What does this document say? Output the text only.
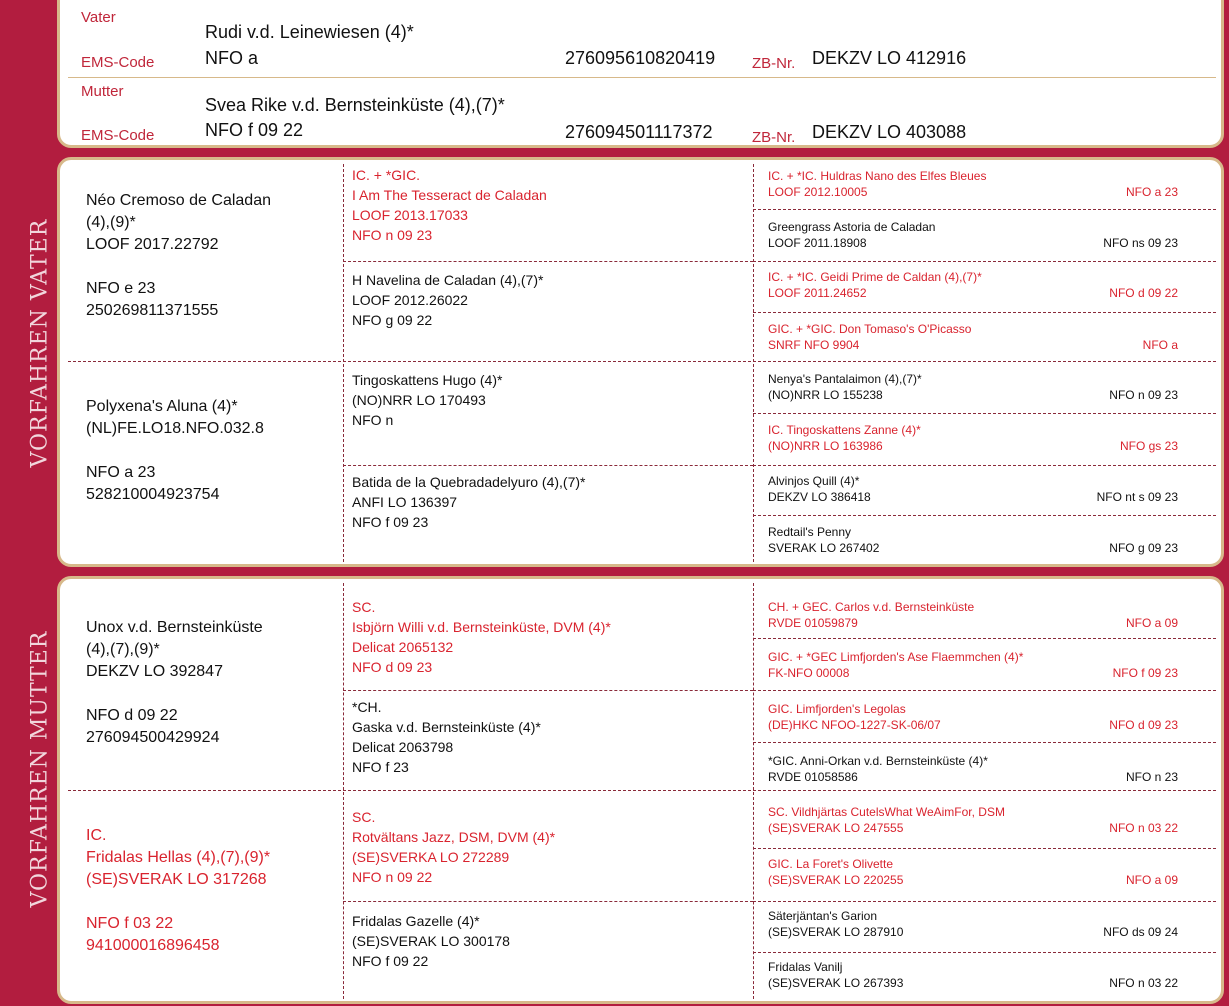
VORFAHREN VATER
VORFAHREN MUTTER
Vater
Rudi v.d. Leinewiesen (4)*
EMS-Code	NFO a	276095610820419 ZB-Nr. DEKZV LO 412916
Mutter
Svea Rike v.d. Bernsteinküste (4),(7)*
EMS-Code	NFO f 09 22	276094501117372	ZB-Nr. DEKZV LO 403088
Néo Cremoso de Caladan
(4),(9)*
LOOF 2017.22792
NFO e 23
250269811371555
Polyxena's Aluna (4)*
(NL)FE.LO18.NFO.032.8
NFO a 23
528210004923754
IC. + *GIC.
I Am The Tesseract de Caladan
LOOF 2013.17033
NFO n 09 23
H Navelina de Caladan (4),(7)*
LOOF 2012.26022
NFO g 09 22
Tingoskattens Hugo (4)*
(NO)NRR LO 170493
NFO n
Batida de la Quebradadelyuro (4),(7)*
ANFI LO 136397
NFO f 09 23
IC. + *IC. Huldras Nano des Elfes Bleues
LOOF 2012.10005	NFO a 23
Greengrass Astoria de Caladan
LOOF 2011.18908	NFO ns 09 23
IC. + *IC. Geidi Prime de Caldan (4),(7)*
LOOF 2011.24652	NFO d 09 22
GIC. + *GIC. Don Tomaso's O'Picasso
SNRF NFO 9904	NFO a
Nenya's Pantalaimon (4),(7)*
(NO)NRR LO 155238	NFO n 09 23
IC. Tingoskattens Zanne (4)*
(NO)NRR LO 163986	NFO gs 23
Alvinjos Quill (4)*
DEKZV LO 386418	NFO nt s 09 23
Redtail's Penny
SVERAK LO 267402	NFO g 09 23
Unox v.d. Bernsteinküste
(4),(7),(9)*
DEKZV LO 392847
NFO d 09 22
276094500429924
IC.
Fridalas Hellas (4),(7),(9)*
(SE)SVERAK LO 317268
NFO f 03 22
941000016896458
SC.
Isbjörn Willi v.d. Bernsteinküste, DVM (4)*
Delicat 2065132
NFO d 09 23
*CH.
Gaska v.d. Bernsteinküste (4)*
Delicat 2063798
NFO f 23
SC.
Rotvältans Jazz, DSM, DVM (4)*
(SE)SVERKA LO 272289
NFO n 09 22
Fridalas Gazelle (4)*
(SE)SVERAK LO 300178
NFO f 09 22
CH. + GEC. Carlos v.d. Bernsteinküste
RVDE 01059879	NFO a 09
GIC. + *GEC Limfjorden's Ase Flaemmchen (4)*
FK-NFO 00008	NFO f 09 23
GIC. Limfjorden's Legolas
(DE)HKC NFOO-1227-SK-06/07	NFO d 09 23
*GIC. Anni-Orkan v.d. Bernsteinküste (4)*
RVDE 01058586	NFO n 23
SC. Vildhjärtas CutelsWhat WeAimFor, DSM
(SE)SVERAK LO 247555	NFO n 03 22
GIC. La Foret's Olivette
(SE)SVERAK LO 220255	NFO a 09
Säterjäntan's Garion
(SE)SVERAK LO 287910	NFO ds 09 24
Fridalas Vanilj
(SE)SVERAK LO 267393	NFO n 03 22
